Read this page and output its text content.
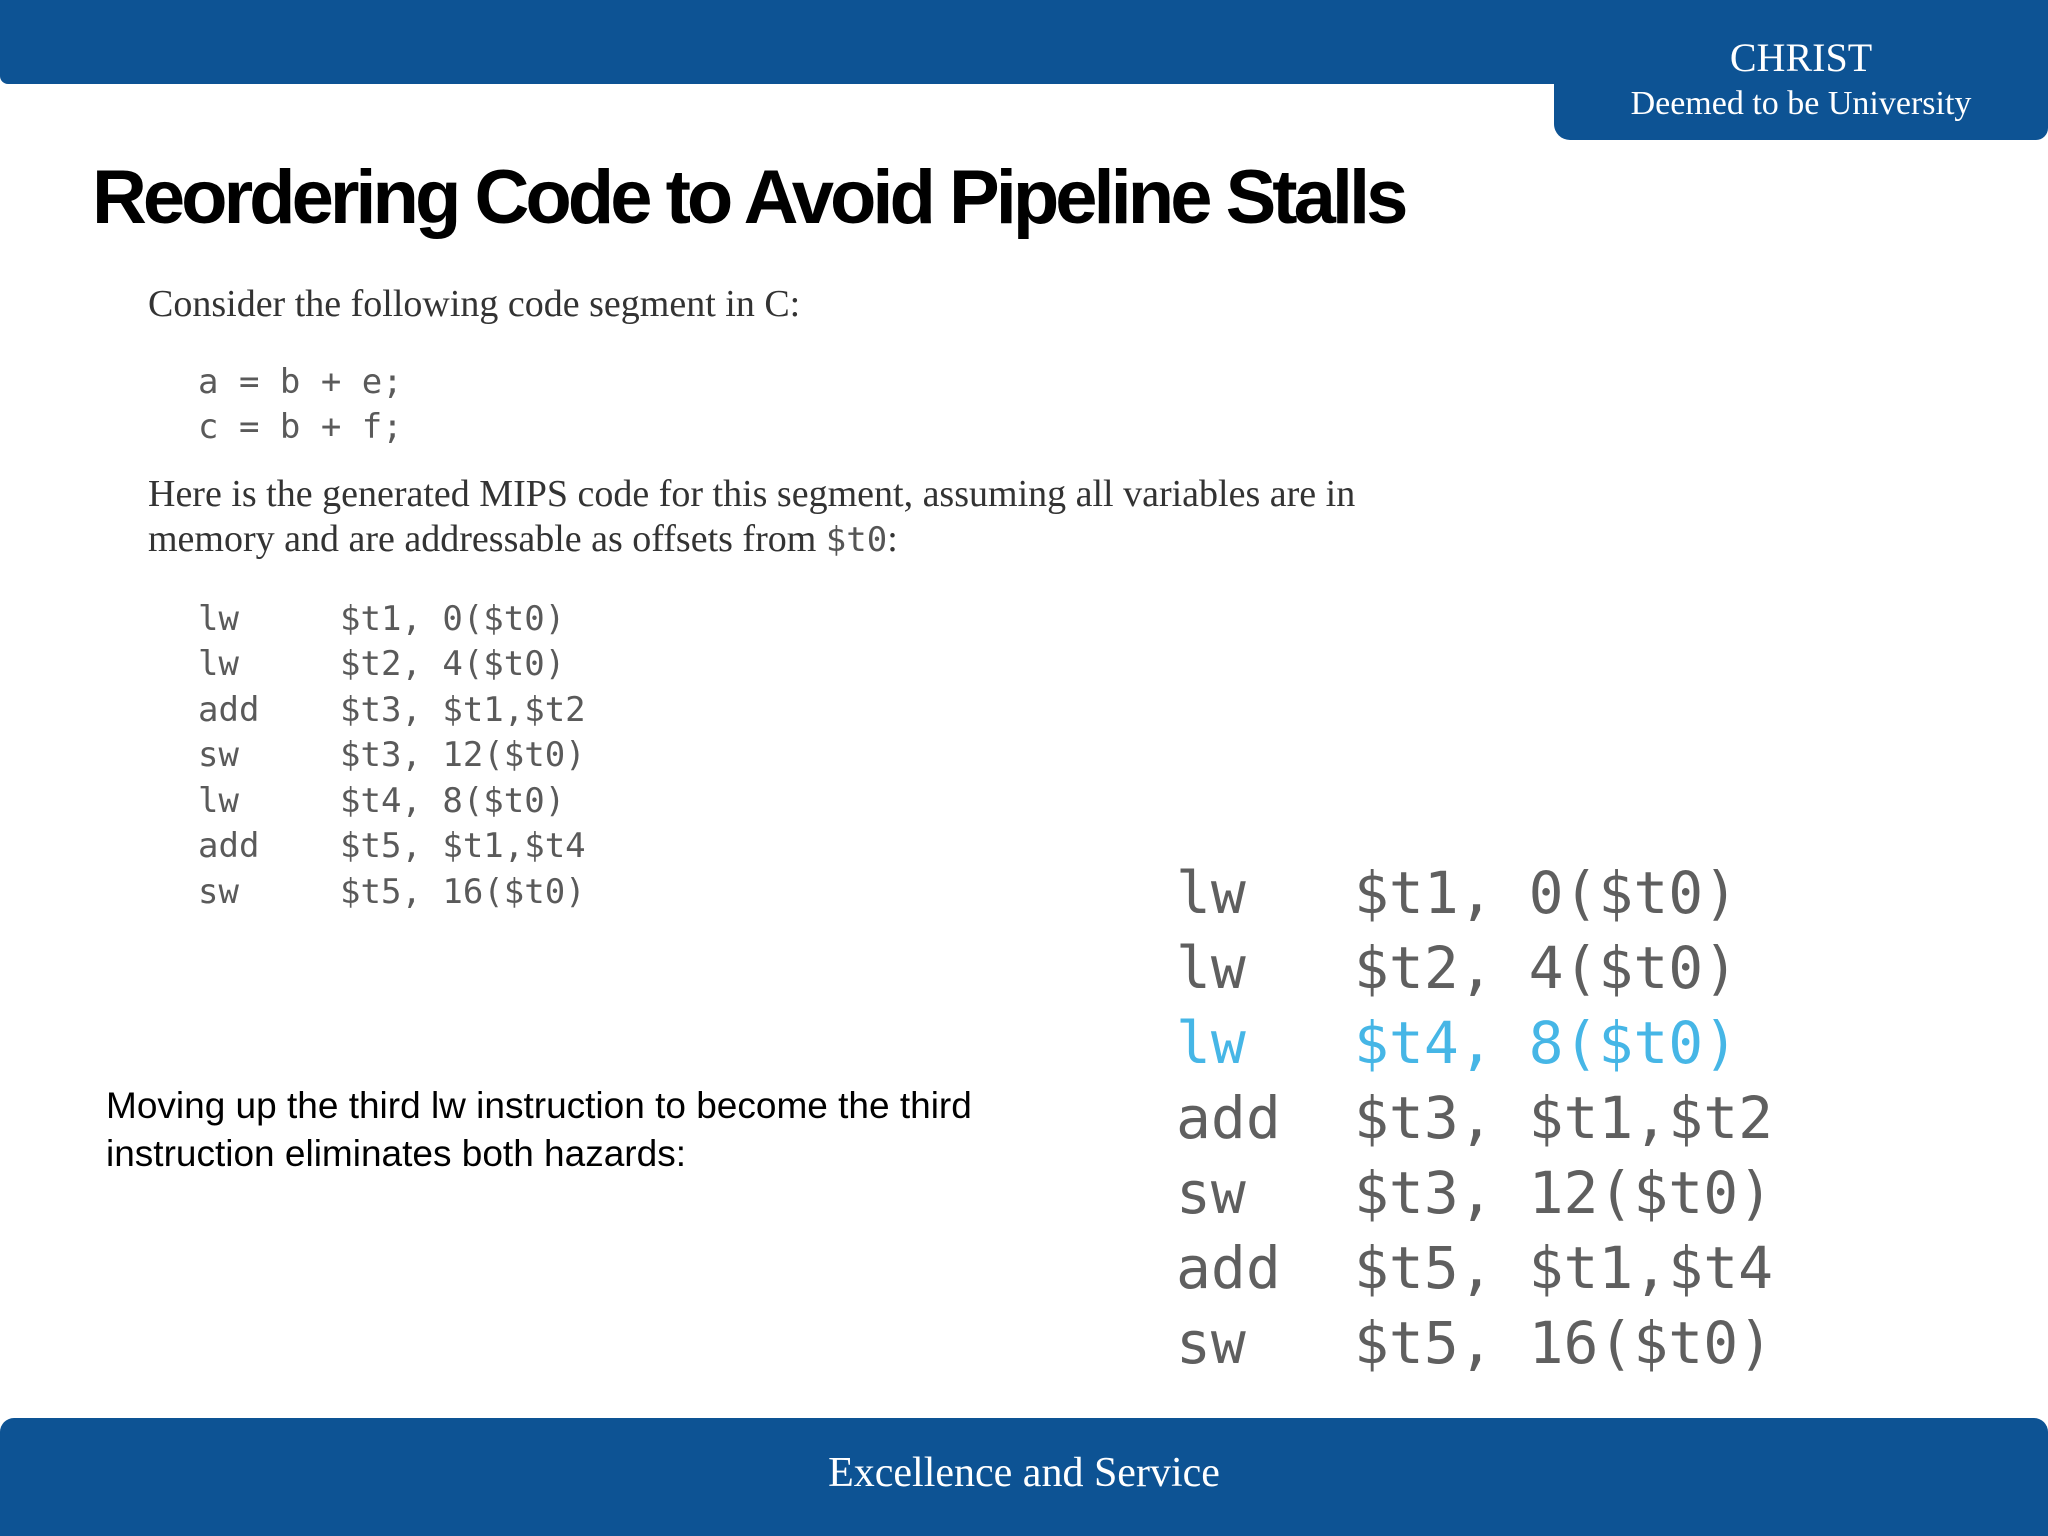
CHRIST
Deemed to be University
Reordering Code to Avoid Pipeline Stalls

Consider the following code segment in C:

a = b + e;
c = b + f;

Here is the generated MIPS code for this segment, assuming all variables are in

memory and are addressable as offsets from $t0:

lw	$t1, 0($t0)
lw	$t2, 4($t0)
add	$t3, $t1,$t2
sw	$t3, 12($t0)
lw	$t4, 8($t0)
add	$t5, $t1,$t4
sw	$t5, 16($t0)

Moving up the third lw instruction to become the third instruction eliminates both hazards:

lw	$t1, 0($t0)
lw	$t2, 4($t0)
lw	$t4, 8($t0)
add	$t3, $t1,$t2
sw	$t3, 12($t0)
add	$t5, $t1,$t4
sw	$t5, 16($t0)
Excellence and Service
